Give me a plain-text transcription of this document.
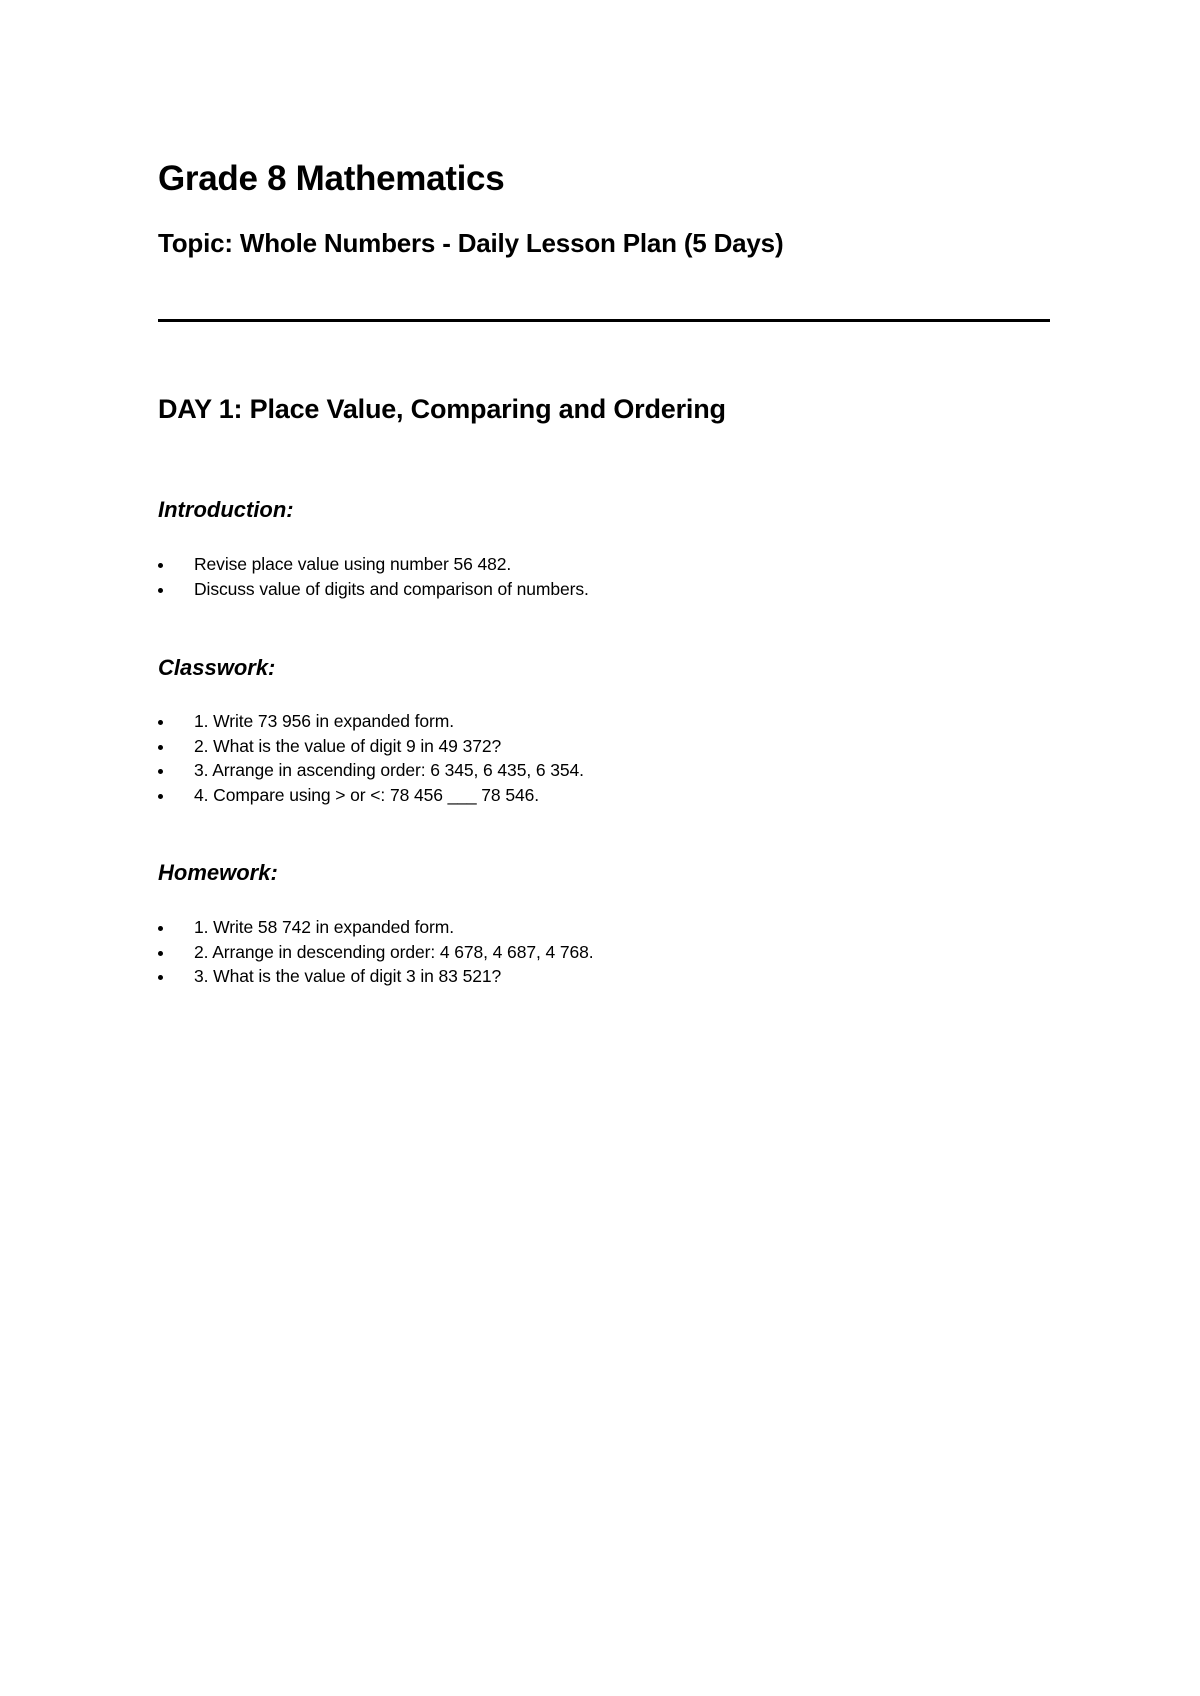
Grade 8 Mathematics
Topic: Whole Numbers - Daily Lesson Plan (5 Days)
DAY 1: Place Value, Comparing and Ordering
Introduction:
Revise place value using number 56 482.
Discuss value of digits and comparison of numbers.
Classwork:
1. Write 73 956 in expanded form.
2. What is the value of digit 9 in 49 372?
3. Arrange in ascending order: 6 345, 6 435, 6 354.
4. Compare using > or <: 78 456 ___ 78 546.
Homework:
1. Write 58 742 in expanded form.
2. Arrange in descending order: 4 678, 4 687, 4 768.
3. What is the value of digit 3 in 83 521?
